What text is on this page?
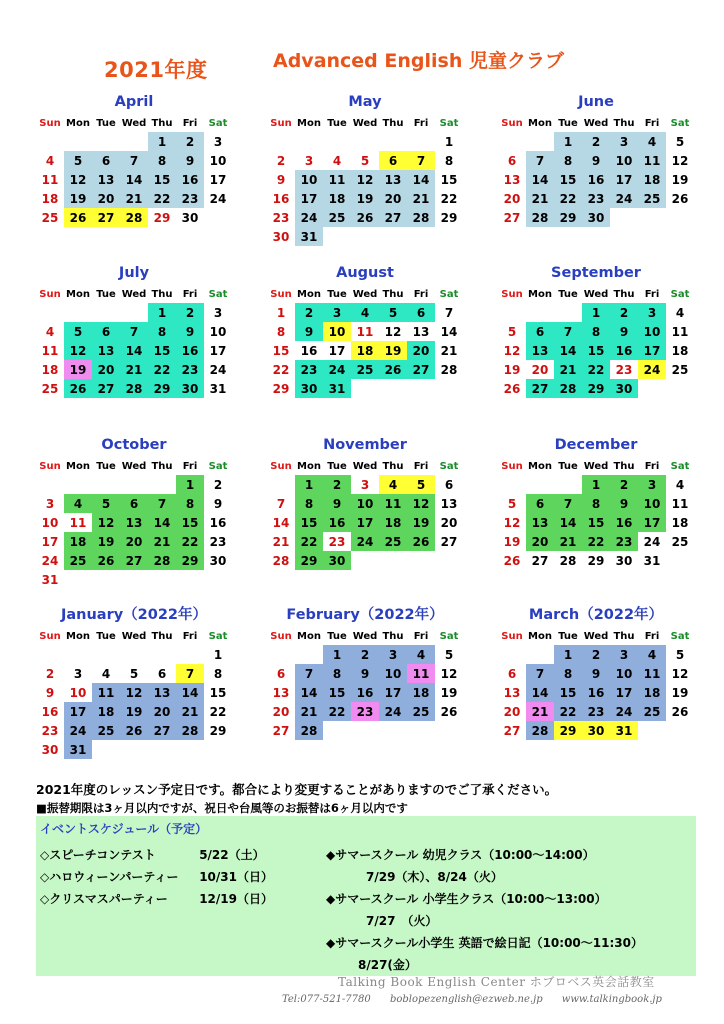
2021年度	Advanced English 児童クラブ
April
Sun	Mon	Tue	Wed	Thu	Fri	Sat
				1	2	3
4	5	6	7	8	9	10
11	12	13	14	15	16	17
18	19	20	21	22	23	24
25	26	27	28	29	30	
May
Sun	Mon	Tue	Wed	Thu	Fri	Sat
						1
2	3	4	5	6	7	8
9	10	11	12	13	14	15
16	17	18	19	20	21	22
23	24	25	26	27	28	29
30	31					
June
Sun	Mon	Tue	Wed	Thu	Fri	Sat
		1	2	3	4	5
6	7	8	9	10	11	12
13	14	15	16	17	18	19
20	21	22	23	24	25	26
27	28	29	30			
July
Sun	Mon	Tue	Wed	Thu	Fri	Sat
				1	2	3
4	5	6	7	8	9	10
11	12	13	14	15	16	17
18	19	20	21	22	23	24
25	26	27	28	29	30	31
August
Sun	Mon	Tue	Wed	Thu	Fri	Sat
1	2	3	4	5	6	7
8	9	10	11	12	13	14
15	16	17	18	19	20	21
22	23	24	25	26	27	28
29	30	31				
September
Sun	Mon	Tue	Wed	Thu	Fri	Sat
			1	2	3	4
5	6	7	8	9	10	11
12	13	14	15	16	17	18
19	20	21	22	23	24	25
26	27	28	29	30		
October
Sun	Mon	Tue	Wed	Thu	Fri	Sat
					1	2
3	4	5	6	7	8	9
10	11	12	13	14	15	16
17	18	19	20	21	22	23
24	25	26	27	28	29	30
31						
November
Sun	Mon	Tue	Wed	Thu	Fri	Sat
	1	2	3	4	5	6
7	8	9	10	11	12	13
14	15	16	17	18	19	20
21	22	23	24	25	26	27
28	29	30				
December
Sun	Mon	Tue	Wed	Thu	Fri	Sat
			1	2	3	4
5	6	7	8	9	10	11
12	13	14	15	16	17	18
19	20	21	22	23	24	25
26	27	28	29	30	31	
January（2022年）
Sun	Mon	Tue	Wed	Thu	Fri	Sat
						1
2	3	4	5	6	7	8
9	10	11	12	13	14	15
16	17	18	19	20	21	22
23	24	25	26	27	28	29
30	31					
February（2022年）
Sun	Mon	Tue	Wed	Thu	Fri	Sat
		1	2	3	4	5
6	7	8	9	10	11	12
13	14	15	16	17	18	19
20	21	22	23	24	25	26
27	28					
March（2022年）
Sun	Mon	Tue	Wed	Thu	Fri	Sat
		1	2	3	4	5
6	7	8	9	10	11	12
13	14	15	16	17	18	19
20	21	22	23	24	25	26
27	28	29	30	31		
2021年度のレッスン予定日です。都合により変更することがありますのでご了承ください。
■振替期限は3ヶ月以内ですが、祝日や台風等のお振替は6ヶ月以内です
イベントスケジュール（予定）
◇スピーチコンテスト	5/22（土）
◇ハロウィーンパーティー 10/31（日）
◇クリスマスパーティー	12/19（日）
◆サマースクール 幼児クラス（10:00〜14:00）
7/29（木）、8/24（火）
◆サマースクール 小学生クラス（10:00〜13:00）
7/27　（火）
◆サマースクール小学生 英語で絵日記（10:00〜11:30）
8/27(金）
Talking Book English Center ホブロベス英会話教室
Tel:077-521-7780 boblopezenglish@ezweb.ne.jp www.talkingbook.jp
